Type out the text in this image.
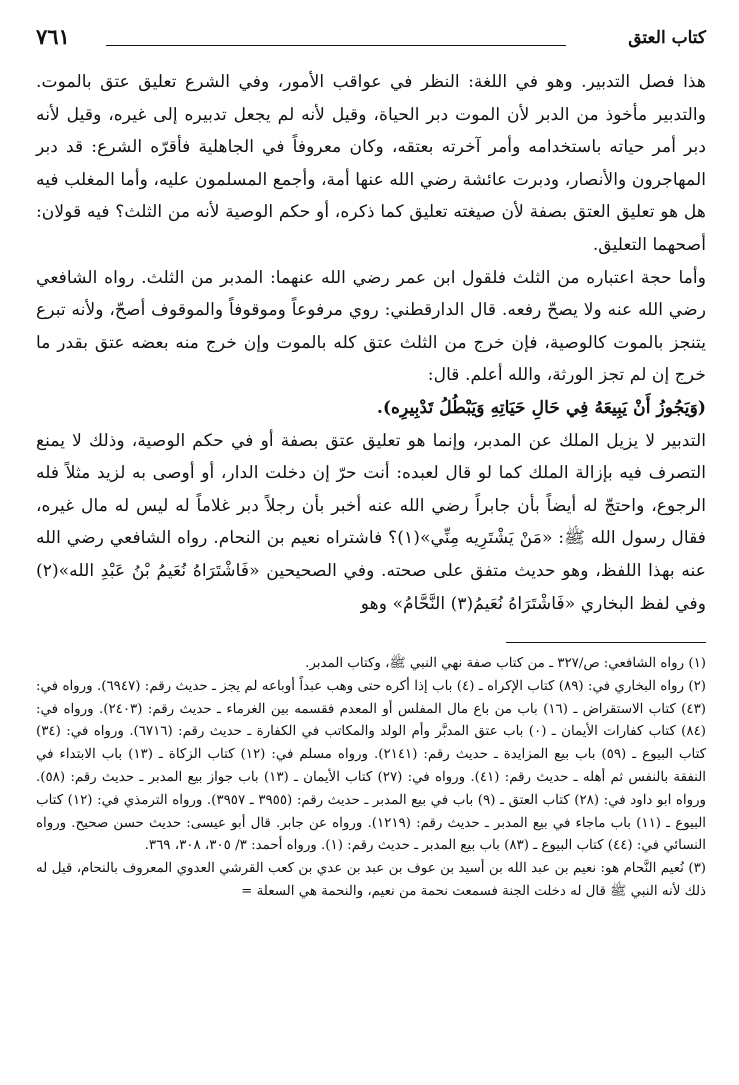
كتاب العتق
٧٦١

هذا فصل التدبير. وهو في اللغة: النظر في عواقب الأمور، وفي الشرع تعليق عتق بالموت. والتدبير مأخوذ من الدبر لأن الموت دبر الحياة، وقيل لأنه لم يجعل تدبيره إلى غيره، وقيل لأنه دبر أمر حياته باستخدامه وأمر آخرته بعتقه، وكان معروفاً في الجاهلية فأقرّه الشرع: قد دبر المهاجرون والأنصار، ودبرت عائشة رضي الله عنها أمة، وأجمع المسلمون عليه، وأما المغلب فيه هل هو تعليق العتق بصفة لأن صيغته تعليق كما ذكره، أو حكم الوصية لأنه من الثلث؟ فيه قولان: أصحهما التعليق.

وأما حجة اعتباره من الثلث فلقول ابن عمر رضي الله عنهما: المدبر من الثلث. رواه الشافعي رضي الله عنه ولا يصحّ رفعه. قال الدارقطني: روي مرفوعاً وموقوفاً والموقوف أصحّ، ولأنه تبرع يتنجز بالموت كالوصية، فإن خرج من الثلث عتق كله بالموت وإن خرج منه بعضه عتق بقدر ما خرج إن لم تجز الورثة، والله أعلم. قال:

(وَيَجُوزُ أَنْ يَبِيعَهُ فِي حَالِ حَيَاتِهِ وَيَبْطُلُ تَدْبِيرِه).

التدبير لا يزيل الملك عن المدبر، وإنما هو تعليق عتق بصفة أو في حكم الوصية، وذلك لا يمنع التصرف فيه بإزالة الملك كما لو قال لعبده: أنت حرّ إن دخلت الدار، أو أوصى به لزيد مثلاً فله الرجوع، واحتجّ له أيضاً بأن جابراً رضي الله عنه أخبر بأن رجلاً دبر غلاماً له ليس له مال غيره، فقال رسول الله ﷺ: «مَنْ يَشْتَرِيه مِنِّي»(١)؟ فاشتراه نعيم بن النحام. رواه الشافعي رضي الله عنه بهذا اللفظ، وهو حديث متفق على صحته. وفي الصحيحين «فَاشْتَرَاهُ نُعَيمُ بْنُ عَبْدِ الله»(٢) وفي لفظ البخاري «فَاشْتَرَاهُ نُعَيمُ(٣) النَّحَّامُ» وهو

(١) رواه الشافعي: ص/٣٢٧ ـ من كتاب صفة نهي النبي ﷺ، وكتاب المدبر.

(٢) رواه البخاري في: (٨٩) كتاب الإكراه ـ (٤) باب إذا أكره حتى وهب عبداً أوباعه لم يجز ـ حديث رقم: (٦٩٤٧). ورواه في: (٤٣) كتاب الاستقراض ـ (١٦) باب من باع مال المفلس أو المعدم فقسمه بين الغرماء ـ حديث رقم: (٢٤٠٣). ورواه في: (٨٤) كتاب كفارات الأيمان ـ (٠) باب عتق المدبَّر وأم الولد والمكاتب في الكفارة ـ حديث رقم: (٦٧١٦). ورواه في: (٣٤) كتاب البيوع ـ (٥٩) باب بيع المزايدة ـ حديث رقم: (٢١٤١). ورواه مسلم في: (١٢) كتاب الزكاة ـ (١٣) باب الابتداء في النفقة بالنفس ثم أهله ـ حديث رقم: (٤١). ورواه في: (٢٧) كتاب الأيمان ـ (١٣) باب جواز بيع المدبر ـ حديث رقم: (٥٨). ورواه ابو داود في: (٢٨) كتاب العتق ـ (٩) باب في بيع المدبر ـ حديث رقم: (٣٩٥٥ ـ ٣٩٥٧). ورواه الترمذي في: (١٢) كتاب البيوع ـ (١١) باب ماجاء في بيع المدبر ـ حديث رقم: (١٢١٩). ورواه عن جابر. قال أبو عيسى: حديث حسن صحيح. ورواه النسائي في: (٤٤) كتاب البيوع ـ (٨٣) باب بيع المدبر ـ حديث رقم: (١). ورواه أحمد: ٣/ ٣٠٥، ٣٠٨، ٣٦٩.

(٣) نُعيم النَّحام هو: نعيم بن عبد الله بن أسيد بن عوف بن عبد بن عدي بن كعب القرشي العدوي المعروف بالنحام، قيل له ذلك لأنه النبي ﷺ قال له دخلت الجنة فسمعت نحمة من نعيم، والنحمة هي السعلة =
